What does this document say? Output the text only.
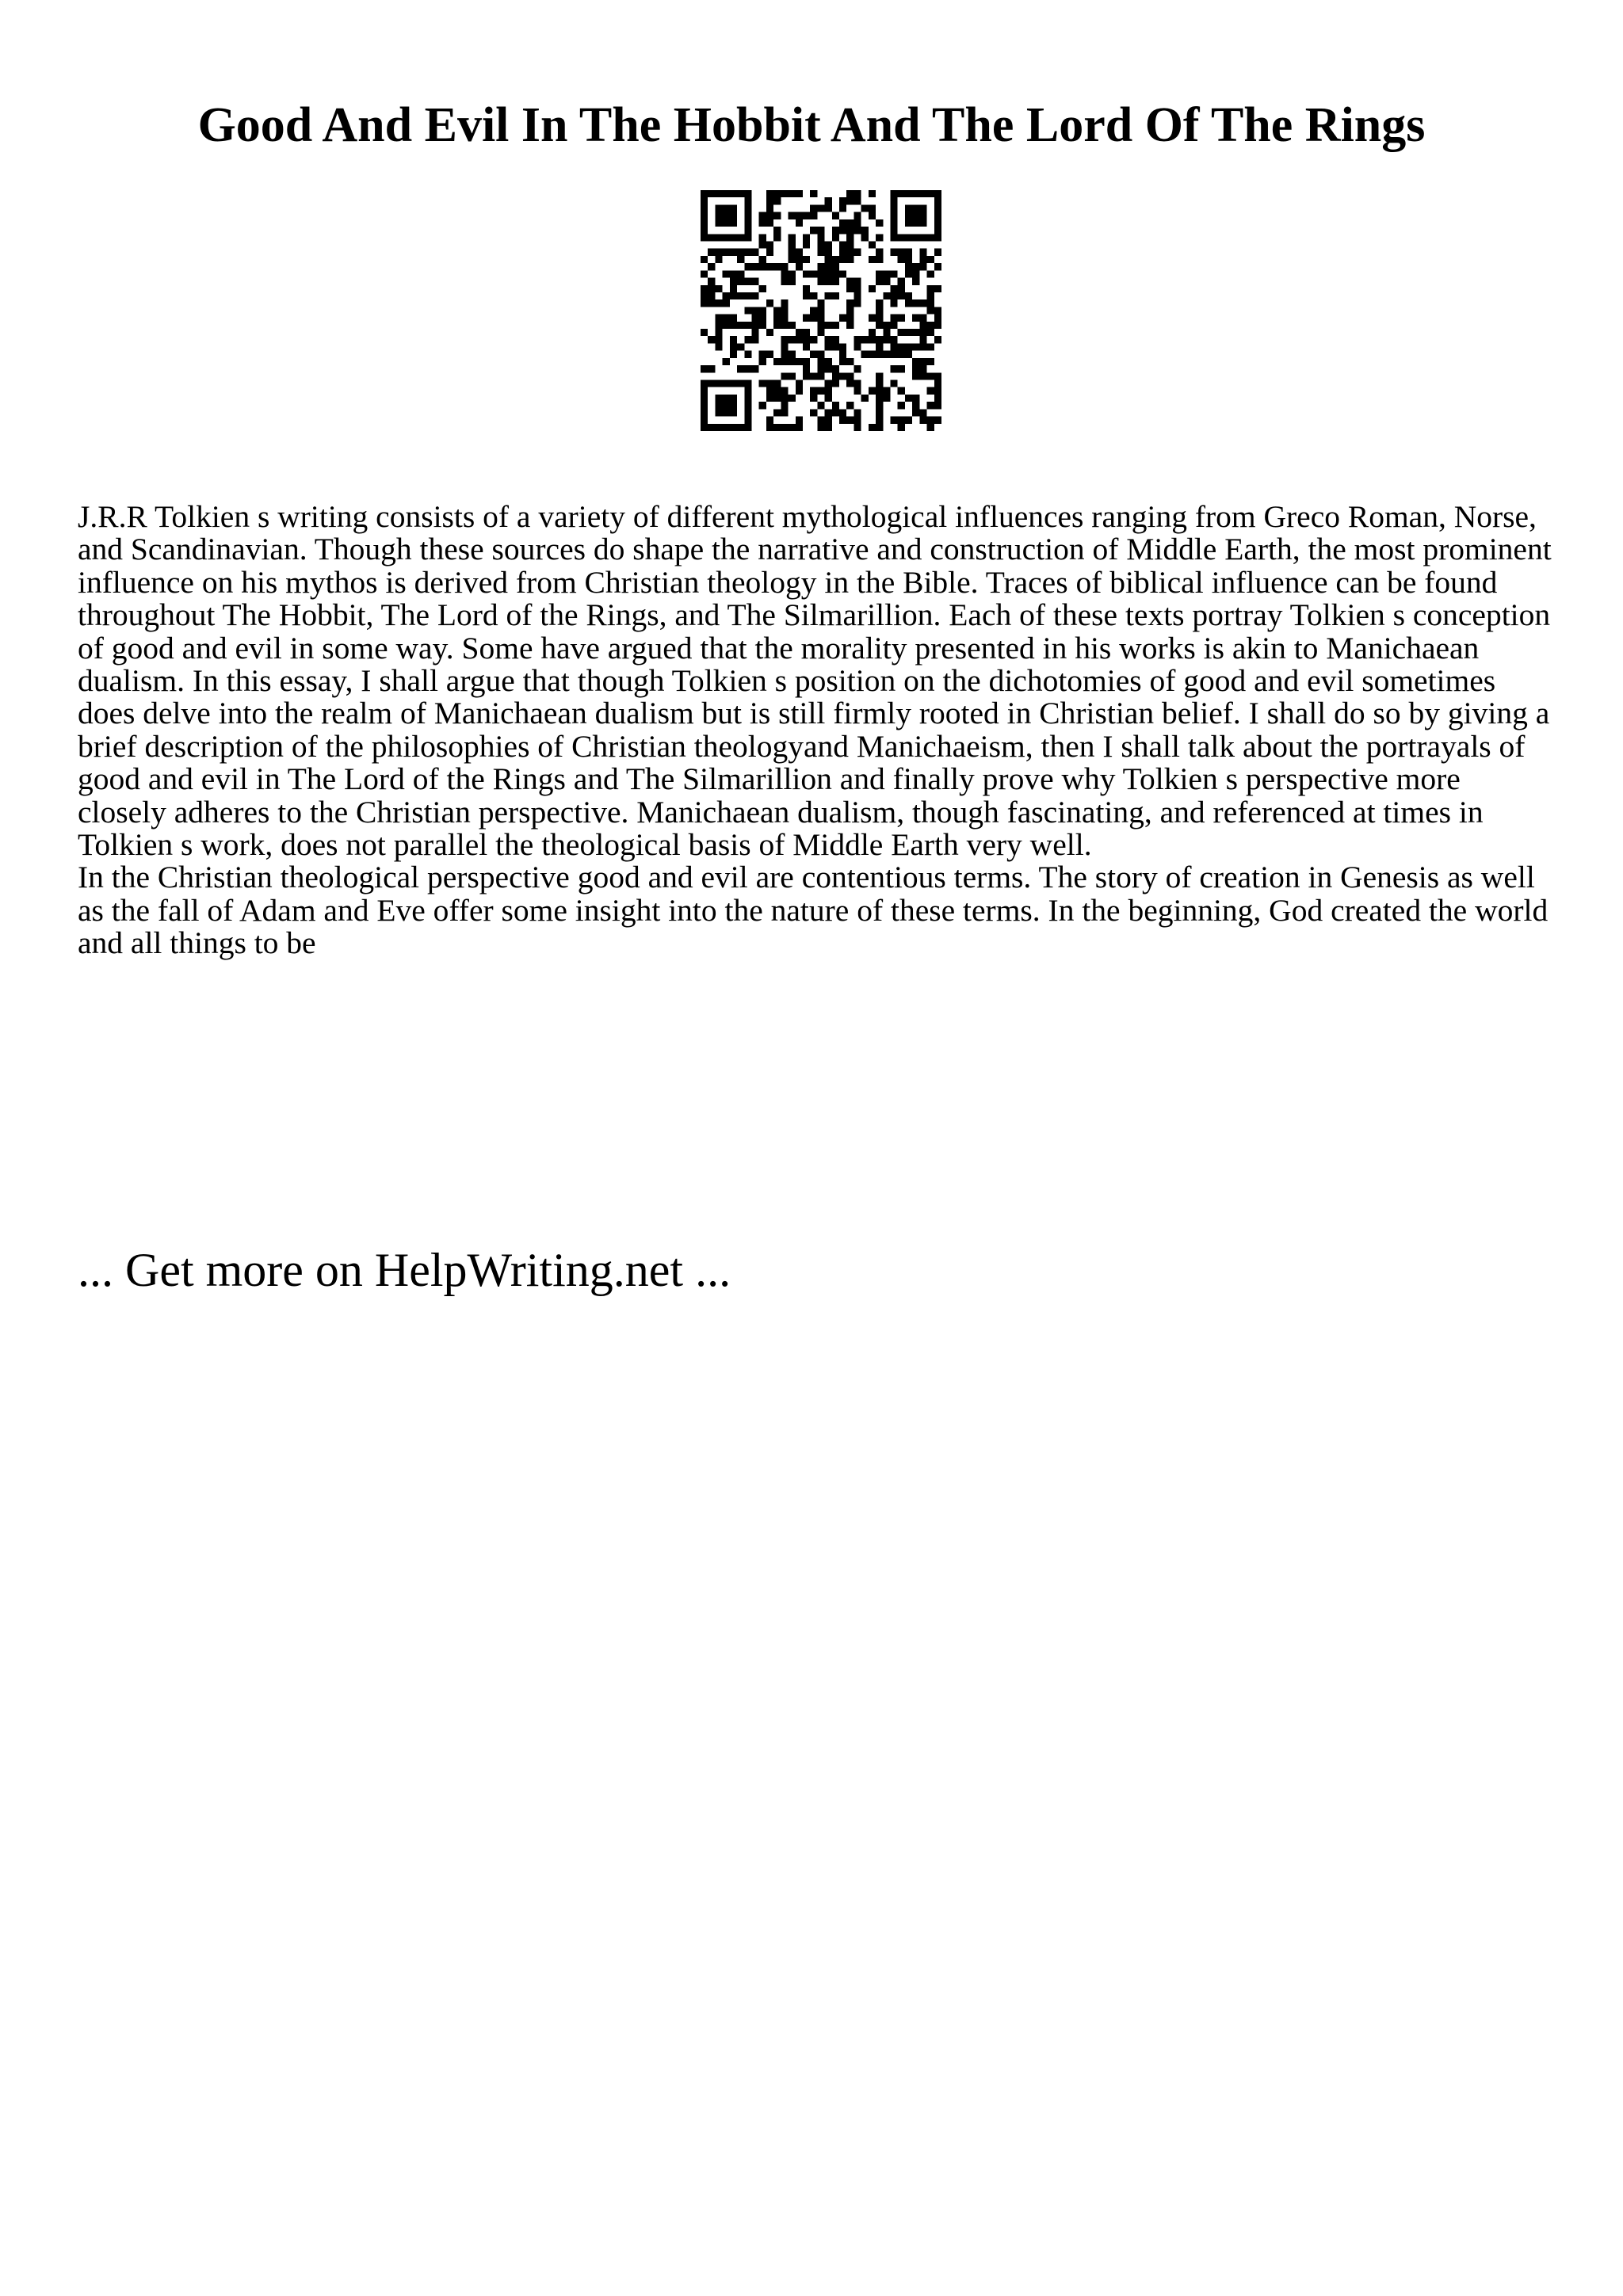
Good And Evil In The Hobbit And The Lord Of The Rings

J.R.R Tolkien s writing consists of a variety of different mythological influences ranging from Greco Roman, Norse, and Scandinavian. Though these sources do shape the narrative and construction of Middle Earth, the most prominent influence on his mythos is derived from Christian theology in the Bible. Traces of biblical influence can be found throughout The Hobbit, The Lord of the Rings, and The Silmarillion. Each of these texts portray Tolkien s conception of good and evil in some way. Some have argued that the morality presented in his works is akin to Manichaean dualism. In this essay, I shall argue that though Tolkien s position on the dichotomies of good and evil sometimes does delve into the realm of Manichaean dualism but is still firmly rooted in Christian belief. I shall do so by giving a brief description of the philosophies of Christian theologyand Manichaeism, then I shall talk about the portrayals of good and evil in The Lord of the Rings and The Silmarillion and finally prove why Tolkien s perspective more closely adheres to the Christian perspective. Manichaean dualism, though fascinating, and referenced at times in Tolkien s work, does not parallel the theological basis of Middle Earth very well.

In the Christian theological perspective good and evil are contentious terms. The story of creation in Genesis as well as the fall of Adam and Eve offer some insight into the nature of these terms. In the beginning, God created the world and all things to be

... Get more on HelpWriting.net ...
